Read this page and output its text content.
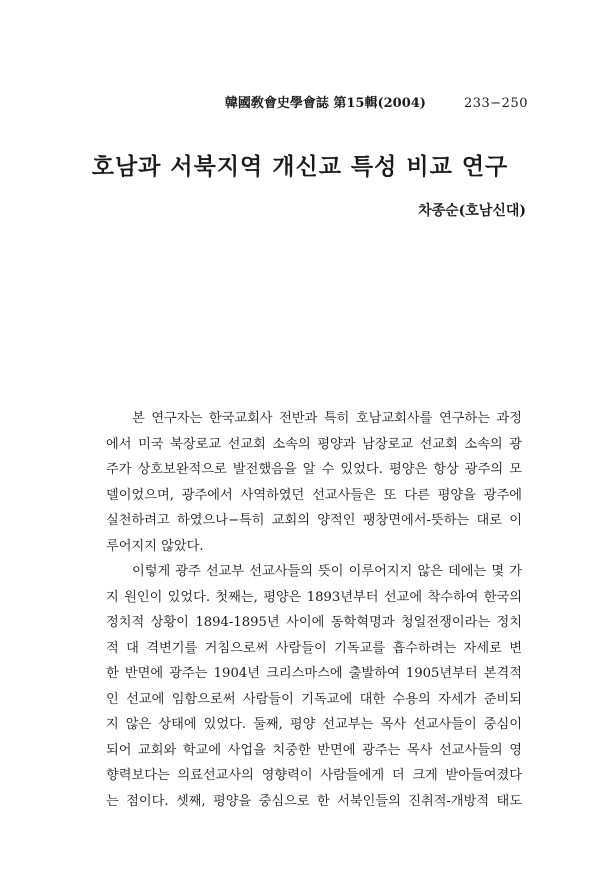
韓國敎會史學會誌 第15輯(2004)	233−250
호남과 서북지역 개신교 특성 비교 연구
차종순(호남신대)
본 연구자는 한국교회사 전반과 특히 호남교회사를 연구하는 과정
에서 미국 북장로교 선교회 소속의 평양과 남장로교 선교회 소속의 광
주가 상호보완적으로 발전했음을 알 수 있었다. 평양은 항상 광주의 모
델이었으며, 광주에서 사역하였던 선교사들은 또 다른 평양을 광주에
실천하려고 하였으나−특히 교회의 양적인 팽창면에서-뜻하는 대로 이
루어지지 않았다.
이렇게 광주 선교부 선교사들의 뜻이 이루어지지 않은 데에는 몇 가
지 원인이 있었다. 첫째는, 평양은 1893년부터 선교에 착수하여 한국의
정치적 상황이 1894-1895년 사이에 동학혁명과 청일전쟁이라는 정치
적 대 격변기를 거침으로써 사람들이 기독교를 흡수하려는 자세로 변
한 반면에 광주는 1904년 크리스마스에 출발하여 1905년부터 본격적
인 선교에 임함으로써 사람들이 기독교에 대한 수용의 자세가 준비되
지 않은 상태에 있었다. 둘째, 평양 선교부는 목사 선교사들이 중심이
되어 교회와 학교에 사업을 치중한 반면에 광주는 목사 선교사들의 영
향력보다는 의료선교사의 영향력이 사람들에게 더 크게 받아들여졌다
는 점이다. 셋째, 평양을 중심으로 한 서북인들의 진취적-개방적 태도
